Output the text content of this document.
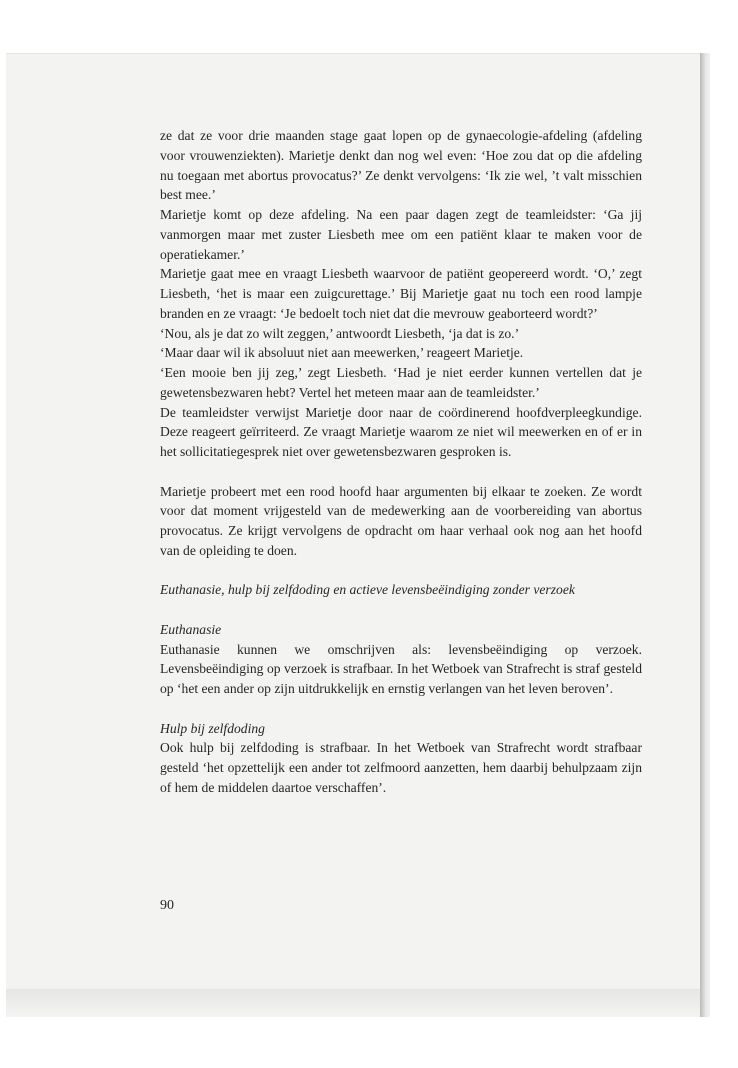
ze dat ze voor drie maanden stage gaat lopen op de gynaecologie-afdeling (afdeling voor vrouwenziekten). Marietje denkt dan nog wel even: ‘Hoe zou dat op die afdeling nu toegaan met abortus provocatus?’ Ze denkt vervolgens: ‘Ik zie wel, ’t valt misschien best mee.’

Marietje komt op deze afdeling. Na een paar dagen zegt de teamleidster: ‘Ga jij vanmorgen maar met zuster Liesbeth mee om een patiënt klaar te maken voor de operatiekamer.’

Marietje gaat mee en vraagt Liesbeth waarvoor de patiënt geopereerd wordt. ‘O,’ zegt Liesbeth, ‘het is maar een zuigcurettage.’ Bij Marietje gaat nu toch een rood lampje branden en ze vraagt: ‘Je bedoelt toch niet dat die mevrouw geaborteerd wordt?’

‘Nou, als je dat zo wilt zeggen,’ antwoordt Liesbeth, ‘ja dat is zo.’

‘Maar daar wil ik absoluut niet aan meewerken,’ reageert Marietje.

‘Een mooie ben jij zeg,’ zegt Liesbeth. ‘Had je niet eerder kunnen vertellen dat je gewetensbezwaren hebt? Vertel het meteen maar aan de teamleidster.’

De teamleidster verwijst Marietje door naar de coördinerend hoofdverpleegkundige. Deze reageert geïrriteerd. Ze vraagt Marietje waarom ze niet wil meewerken en of er in het sollicitatiegesprek niet over gewetensbezwaren gesproken is.

Marietje probeert met een rood hoofd haar argumenten bij elkaar te zoeken. Ze wordt voor dat moment vrijgesteld van de medewerking aan de voorbereiding van abortus provocatus. Ze krijgt vervolgens de opdracht om haar verhaal ook nog aan het hoofd van de opleiding te doen.

Euthanasie, hulp bij zelfdoding en actieve levensbeëindiging zonder verzoek

Euthanasie

Euthanasie kunnen we omschrijven als: levensbeëindiging op verzoek. Levensbeëindiging op verzoek is strafbaar. In het Wetboek van Strafrecht is straf gesteld op ‘het een ander op zijn uitdrukkelijk en ernstig verlangen van het leven beroven’.

Hulp bij zelfdoding

Ook hulp bij zelfdoding is strafbaar. In het Wetboek van Strafrecht wordt strafbaar gesteld ‘het opzettelijk een ander tot zelfmoord aanzetten, hem daarbij behulpzaam zijn of hem de middelen daartoe verschaffen’.

90
